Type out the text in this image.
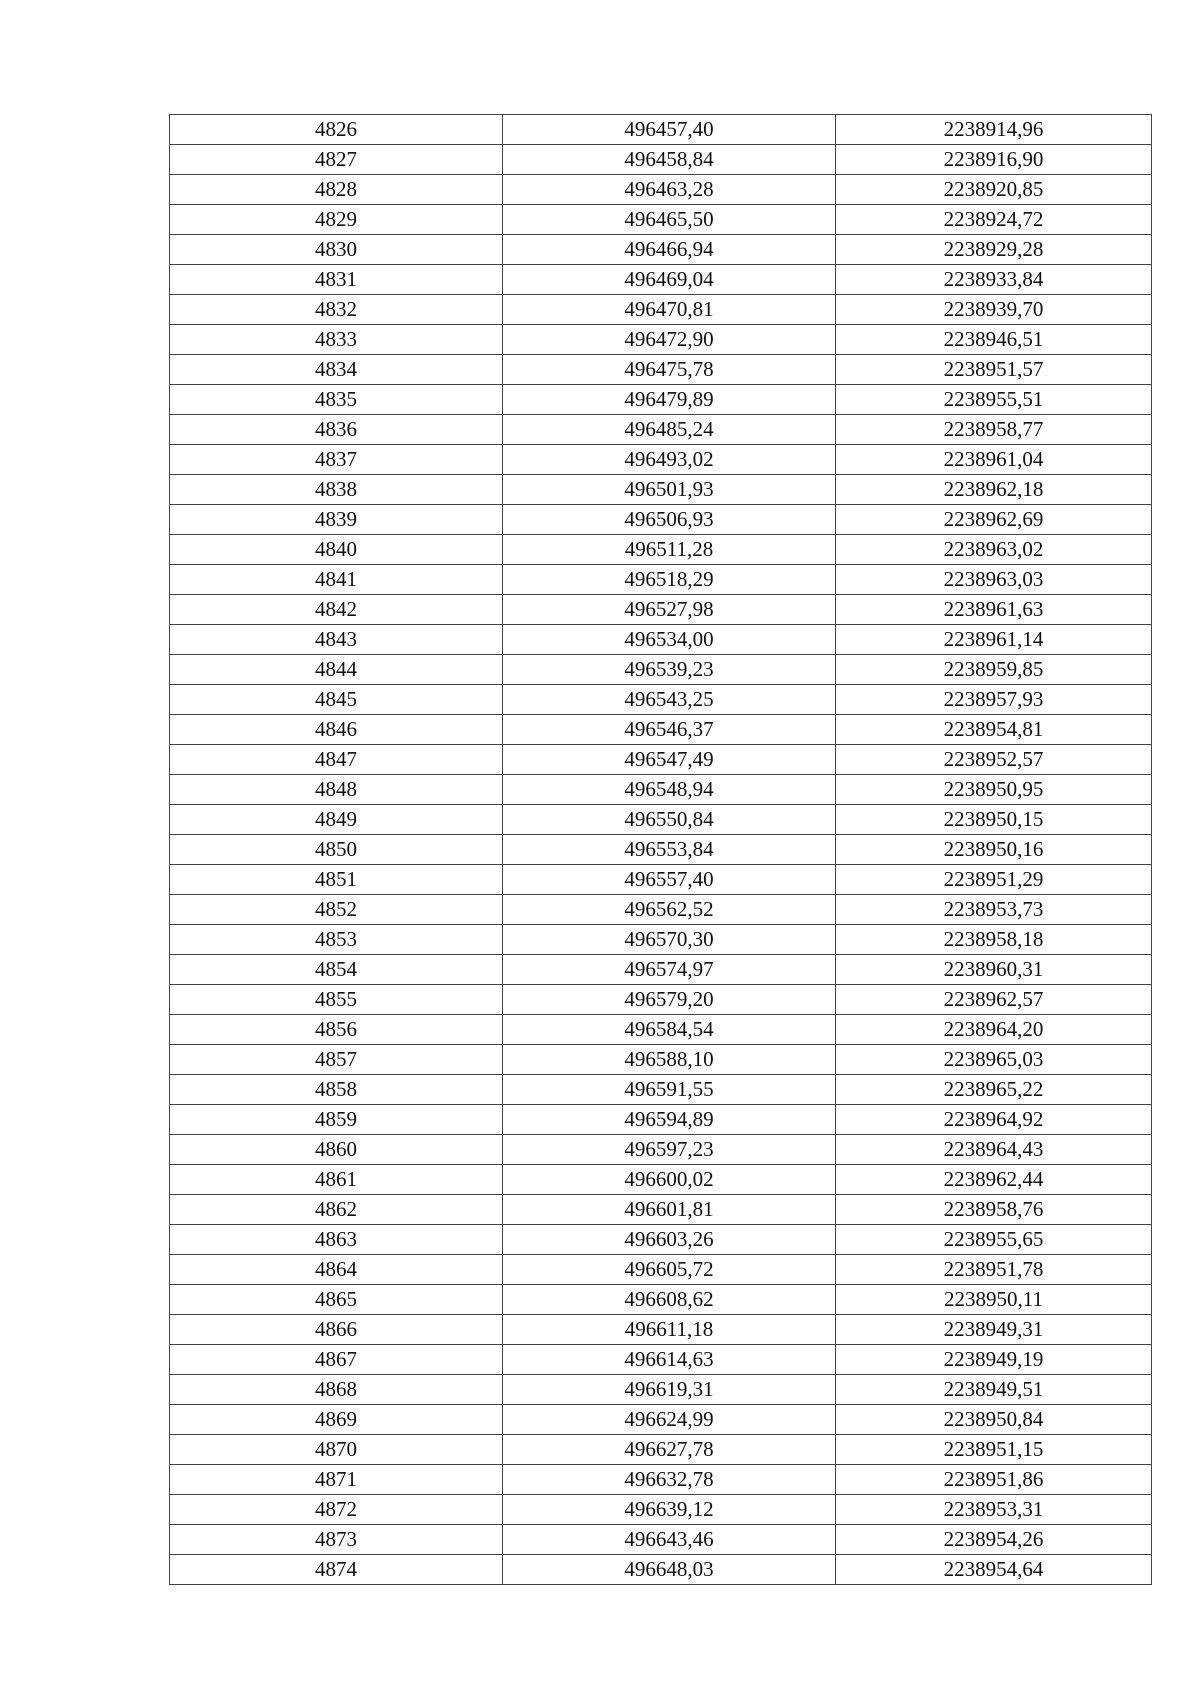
4826	496457,40	2238914,96
4827	496458,84	2238916,90
4828	496463,28	2238920,85
4829	496465,50	2238924,72
4830	496466,94	2238929,28
4831	496469,04	2238933,84
4832	496470,81	2238939,70
4833	496472,90	2238946,51
4834	496475,78	2238951,57
4835	496479,89	2238955,51
4836	496485,24	2238958,77
4837	496493,02	2238961,04
4838	496501,93	2238962,18
4839	496506,93	2238962,69
4840	496511,28	2238963,02
4841	496518,29	2238963,03
4842	496527,98	2238961,63
4843	496534,00	2238961,14
4844	496539,23	2238959,85
4845	496543,25	2238957,93
4846	496546,37	2238954,81
4847	496547,49	2238952,57
4848	496548,94	2238950,95
4849	496550,84	2238950,15
4850	496553,84	2238950,16
4851	496557,40	2238951,29
4852	496562,52	2238953,73
4853	496570,30	2238958,18
4854	496574,97	2238960,31
4855	496579,20	2238962,57
4856	496584,54	2238964,20
4857	496588,10	2238965,03
4858	496591,55	2238965,22
4859	496594,89	2238964,92
4860	496597,23	2238964,43
4861	496600,02	2238962,44
4862	496601,81	2238958,76
4863	496603,26	2238955,65
4864	496605,72	2238951,78
4865	496608,62	2238950,11
4866	496611,18	2238949,31
4867	496614,63	2238949,19
4868	496619,31	2238949,51
4869	496624,99	2238950,84
4870	496627,78	2238951,15
4871	496632,78	2238951,86
4872	496639,12	2238953,31
4873	496643,46	2238954,26
4874	496648,03	2238954,64
